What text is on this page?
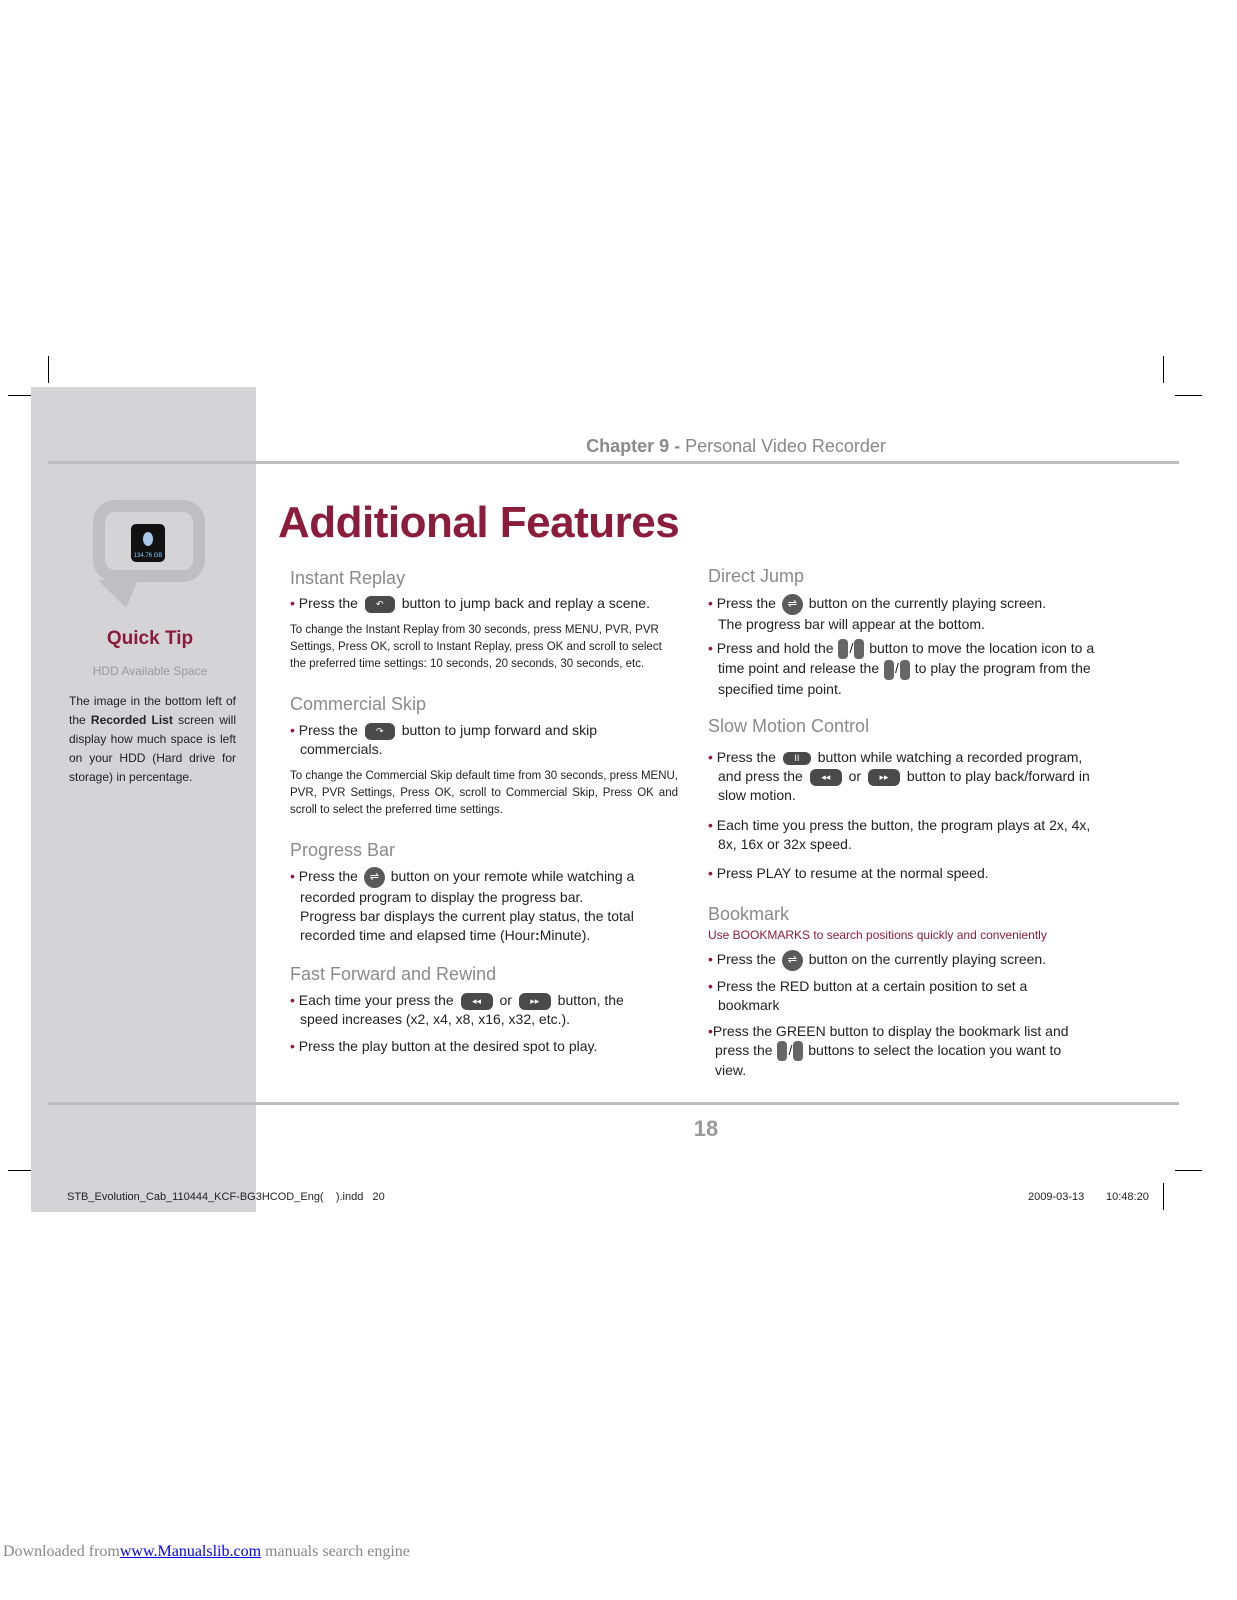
Chapter 9 - Personal Video Recorder
Additional Features
134.76 GB
Quick Tip
HDD Available Space
The image in the bottom left of the Recorded List screen will display how much space is left on your HDD (Hard drive for storage) in percentage.
Instant Replay
• Press the ↶ button to jump back and replay a scene.
To change the Instant Replay from 30 seconds, press MENU, PVR, PVR Settings, Press OK, scroll to Instant Replay, press OK and scroll to select the preferred time settings: 10 seconds, 20 seconds, 30 seconds, etc.
Commercial Skip
• Press the ↷ button to jump forward and skip commercials.
To change the Commercial Skip default time from 30 seconds, press MENU, PVR, PVR Settings, Press OK, scroll to Commercial Skip, Press OK and scroll to select the preferred time settings.
Progress Bar
• Press the ⇌ button on your remote while watching a recorded program to display the progress bar.
Progress bar displays the current play status, the total recorded time and elapsed time (Hour:Minute).
Fast Forward and Rewind
• Each time your press the ◂◂ or ▸▸ button, the speed increases (x2, x4, x8, x16, x32, etc.).
• Press the play button at the desired spot to play.
Direct Jump
• Press the ⇌ button on the currently playing screen.
The progress bar will appear at the bottom.
• Press and hold the / button to move the location icon to a time point and release the / to play the program from the specified time point.
Slow Motion Control
• Press the II button while watching a recorded program, and press the ◂◂ or ▸▸ button to play back/forward in slow motion.
• Each time you press the button, the program plays at 2x, 4x, 8x, 16x or 32x speed.
• Press PLAY to resume at the normal speed.
Bookmark
Use BOOKMARKS to search positions quickly and conveniently
• Press the ⇌ button on the currently playing screen.
• Press the RED button at a certain position to set a bookmark
•Press the GREEN button to display the bookmark list and press the / buttons to select the location you want to view.
18
STB_Evolution_Cab_110444_KCF-BG3HCOD_Eng(    ).indd   20	2009-03-13 10:48:20
Downloaded fromwww.Manualslib.com manuals search engine
